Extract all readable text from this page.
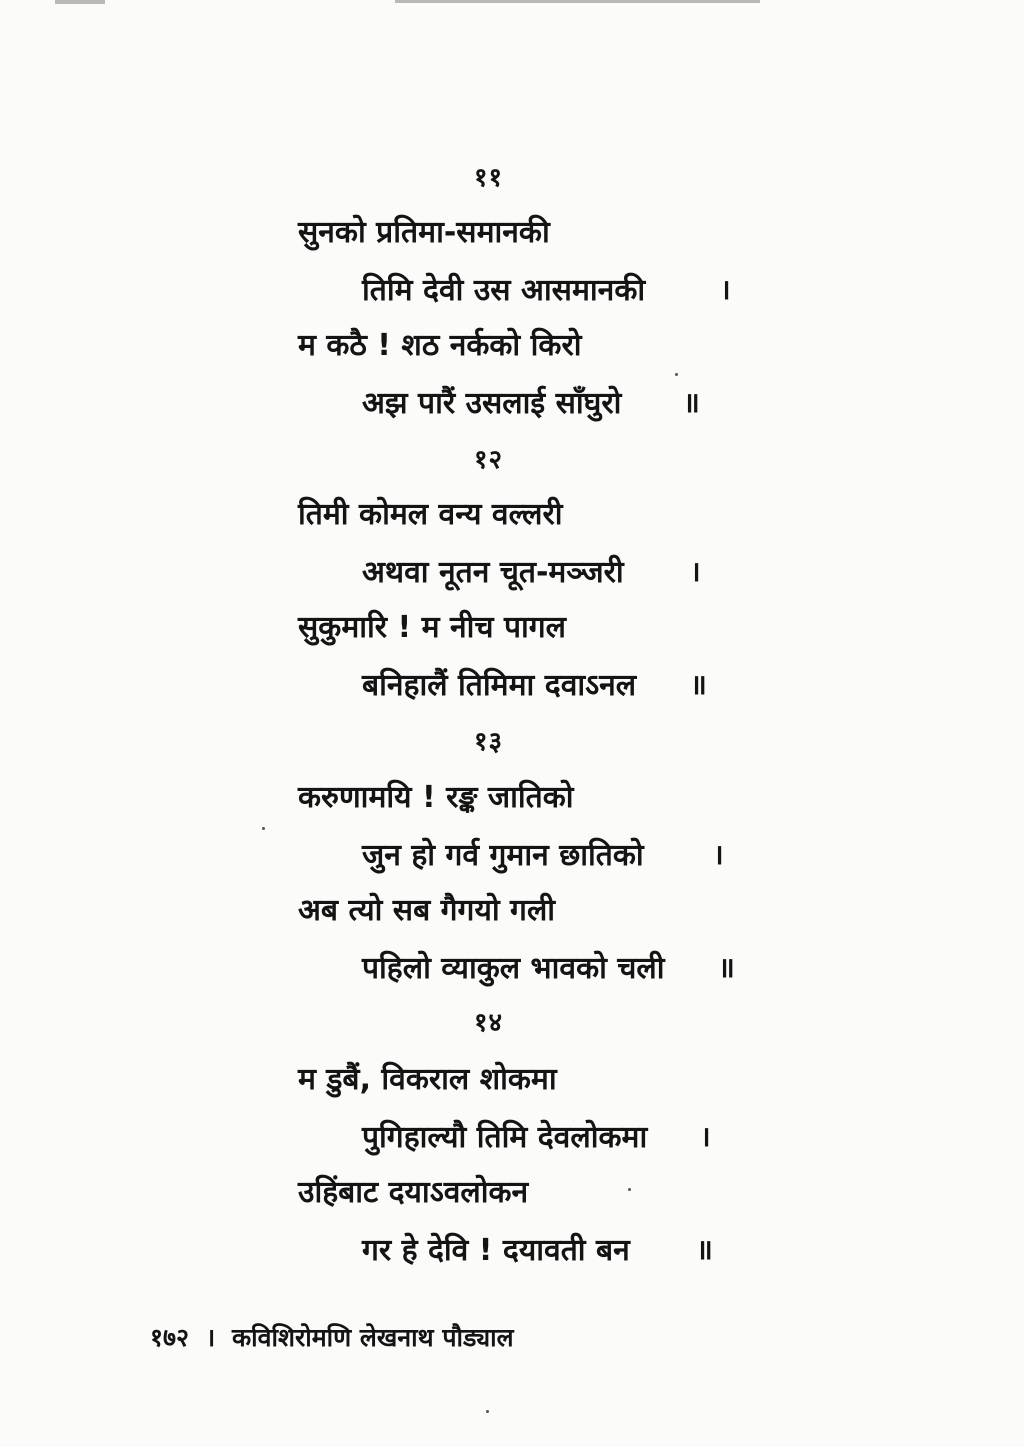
११
सुनको प्रतिमा-समानकी
तिमि देवी उस आसमानकी	।
म कठै ! शठ नर्कको किरो
अझ पारैं उसलाई साँघुरो ॥
१२
तिमी कोमल वन्य वल्लरी
अथवा नूतन चूत-मञ्जरी ।
सुकुमारि ! म नीच पागल
बनिहालैं तिमिमा दवाऽनल ॥
१३
करुणामयि ! रङ्क जातिको
जुन हो गर्व गुमान छातिको ।
अब त्यो सब गैगयो गली
पहिलो व्याकुल भावको चली ॥
१४
म डुबैं, विकराल शोकमा
पुगिहाल्यौ तिमि देवलोकमा ।
उहिंबाट दयाऽवलोकन
गर हे देवि ! दयावती बन ॥
१७२ । कविशिरोमणि लेखनाथ पौड्याल
